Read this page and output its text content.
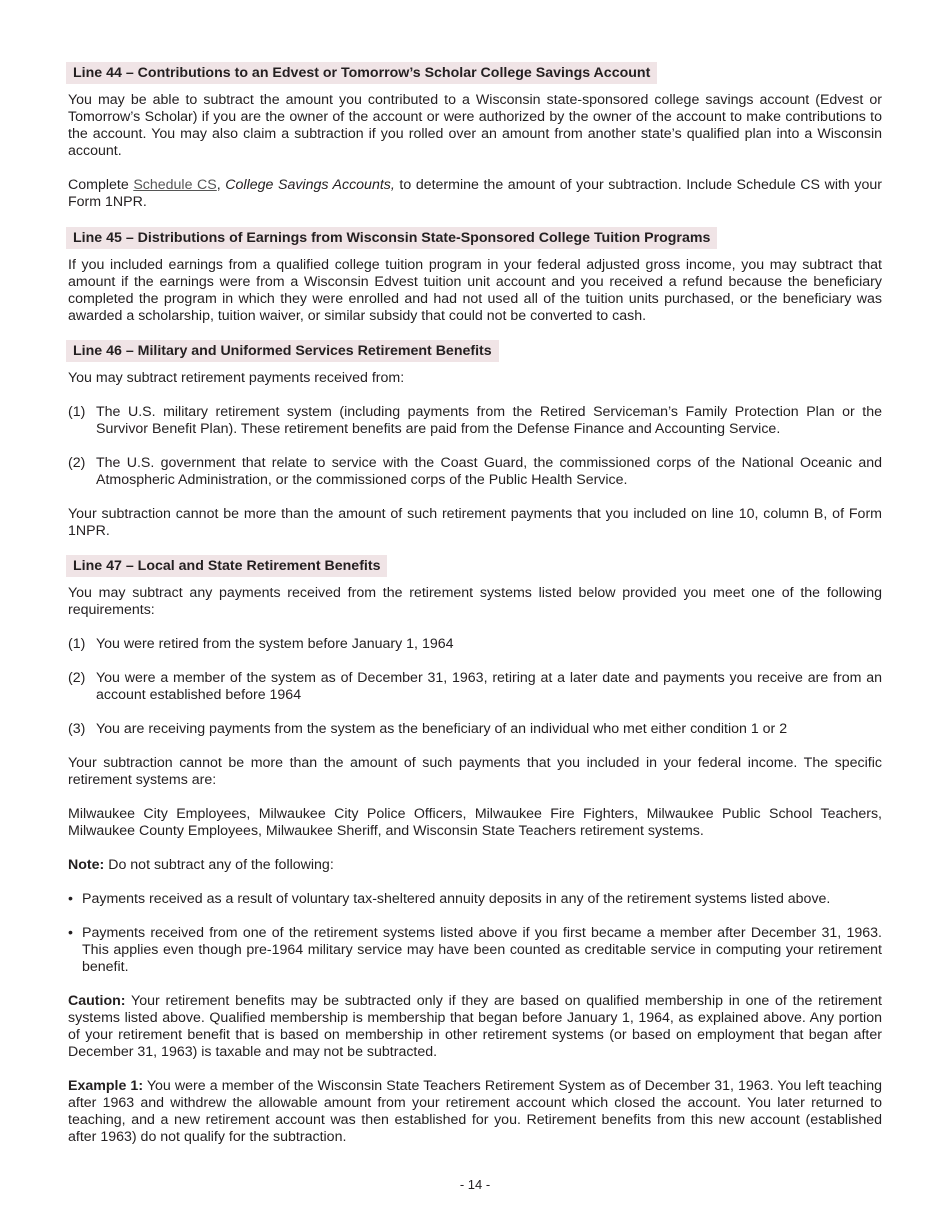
Line 44 – Contributions to an Edvest or Tomorrow’s Scholar College Savings Account

You may be able to subtract the amount you contributed to a Wisconsin state-sponsored college savings account (Edvest or Tomorrow’s Scholar) if you are the owner of the account or were authorized by the owner of the account to make contributions to the account. You may also claim a subtraction if you rolled over an amount from another state’s qualified plan into a Wisconsin account.

Complete Schedule CS, College Savings Accounts, to determine the amount of your subtraction. Include Schedule CS with your Form 1NPR.

Line 45 – Distributions of Earnings from Wisconsin State-Sponsored College Tuition Programs

If you included earnings from a qualified college tuition program in your federal adjusted gross income, you may subtract that amount if the earnings were from a Wisconsin Edvest tuition unit account and you received a refund because the beneficiary completed the program in which they were enrolled and had not used all of the tuition units purchased, or the beneficiary was awarded a scholarship, tuition waiver, or similar subsidy that could not be converted to cash.

Line 46 – Military and Uniformed Services Retirement Benefits

You may subtract retirement payments received from:

(1) The U.S. military retirement system (including payments from the Retired Serviceman’s Family Protection Plan or the Survivor Benefit Plan). These retirement benefits are paid from the Defense Finance and Accounting Service.
(2) The U.S. government that relate to service with the Coast Guard, the commissioned corps of the National Oceanic and Atmospheric Administration, or the commissioned corps of the Public Health Service.

Your subtraction cannot be more than the amount of such retirement payments that you included on line 10, column B, of Form 1NPR.

Line 47 – Local and State Retirement Benefits

You may subtract any payments received from the retirement systems listed below provided you meet one of the following requirements:

(1) You were retired from the system before January 1, 1964
(2) You were a member of the system as of December 31, 1963, retiring at a later date and payments you receive are from an account established before 1964
(3) You are receiving payments from the system as the beneficiary of an individual who met either condition 1 or 2

Your subtraction cannot be more than the amount of such payments that you included in your federal income. The specific retirement systems are:

Milwaukee City Employees, Milwaukee City Police Officers, Milwaukee Fire Fighters, Milwaukee Public School Teachers, Milwaukee County Employees, Milwaukee Sheriff, and Wisconsin State Teachers retirement systems.

Note: Do not subtract any of the following:

• Payments received as a result of voluntary tax-sheltered annuity deposits in any of the retirement systems listed above.
• Payments received from one of the retirement systems listed above if you first became a member after December 31, 1963. This applies even though pre-1964 military service may have been counted as creditable service in computing your retirement benefit.

Caution: Your retirement benefits may be subtracted only if they are based on qualified membership in one of the retirement systems listed above. Qualified membership is membership that began before January 1, 1964, as explained above. Any portion of your retirement benefit that is based on membership in other retirement systems (or based on employment that began after December 31, 1963) is taxable and may not be subtracted.

Example 1: You were a member of the Wisconsin State Teachers Retirement System as of December 31, 1963. You left teaching after 1963 and withdrew the allowable amount from your retirement account which closed the account. You later returned to teaching, and a new retirement account was then established for you. Retirement benefits from this new account (established after 1963) do not qualify for the subtraction.

- 14 -
